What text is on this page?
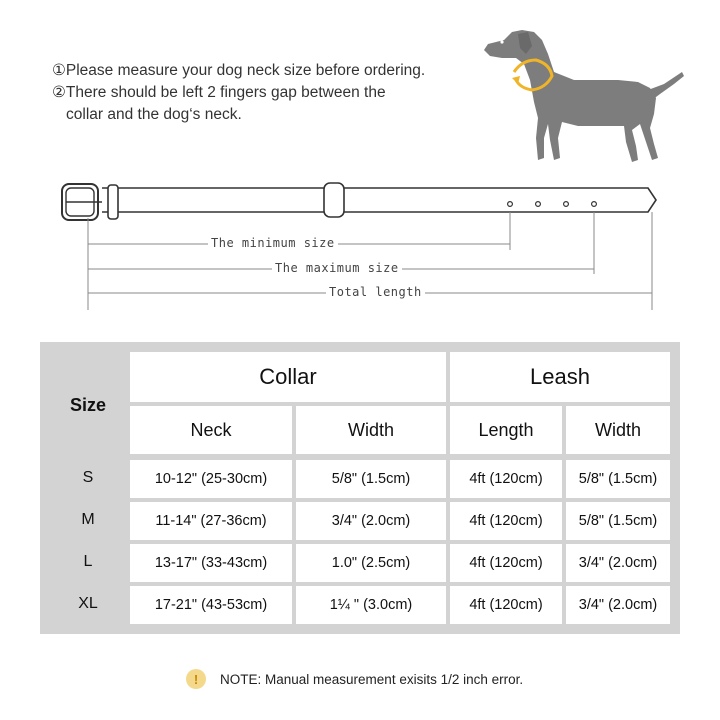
①Please measure your dog neck size before ordering.
②There should be left 2 fingers gap between the
collar and the dog‘s neck.
The minimum size
The maximum size
Total length
Size
Collar	Leash
Neck	Width	Length	Width
S	10-12" (25-30cm)	5/8" (1.5cm)	4ft (120cm)	5/8" (1.5cm)
M	11-14" (27-36cm)	3/4" (2.0cm)	4ft (120cm)	5/8" (1.5cm)
L	13-17" (33-43cm)	1.0" (2.5cm)	4ft (120cm)	3/4" (2.0cm)
XL	17-21" (43-53cm)	1¼ " (3.0cm)	4ft (120cm)	3/4" (2.0cm)
!	NOTE: Manual measurement exisits 1/2 inch error.
